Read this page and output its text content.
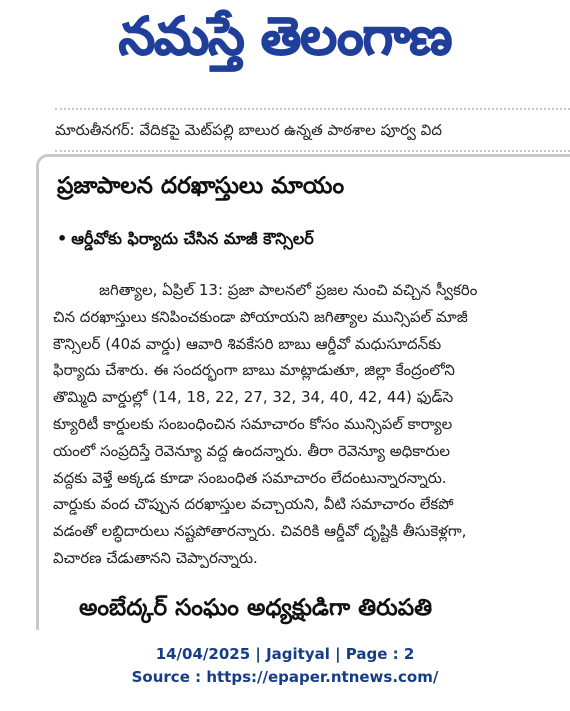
నమస్తే తెలంగాణ
మారుతీనగర్: వేదికపై మెట్‌పల్లి బాలుర ఉన్నత పాఠశాల పూర్వ విద
ప్రజాపాలన దరఖాస్తులు మాయం
• ఆర్డీవోకు ఫిర్యాదు చేసిన మాజీ కౌన్సిలర్
జగిత్యాల, ఏప్రిల్ 13: ప్రజా పాలనలో ప్రజల నుంచి వచ్చిన స్వీకరిం
చిన దరఖాస్తులు కనిపించకుండా పోయాయని జగిత్యాల మున్సిపల్ మాజీ
కౌన్సిలర్ (40వ వార్డు) ఆవారి శివకేసరి బాబు ఆర్డీవో మధుసూదన్‌కు
ఫిర్యాదు చేశారు. ఈ సందర్భంగా బాబు మాట్లాడుతూ, జిల్లా కేంద్రంలోని
తొమ్మిది వార్డుల్లో (14, 18, 22, 27, 32, 34, 40, 42, 44) ఫుడ్‌సె
క్యూరిటీ కార్డులకు సంబంధించిన సమాచారం కోసం మున్సిపల్ కార్యాల
యంలో సంప్రదిస్తే రెవెన్యూ వద్ద ఉందన్నారు. తీరా రెవెన్యూ అధికారుల
వద్దకు వెళ్తే అక్కడ కూడా సంబంధిత సమాచారం లేదంటున్నారన్నారు.
వార్డుకు వంద చొప్పున దరఖాస్తుల వచ్చాయని, వీటి సమాచారం లేకపో
వడంతో లబ్ధిదారులు నష్టపోతారన్నారు. చివరికి ఆర్డీవో దృష్టికి తీసుకెళ్లగా,
విచారణ చేడుతానని చెప్పారన్నారు.
అంబేద్కర్ సంఘం అధ్యక్షుడిగా తిరుపతి
14/04/2025 | Jagityal | Page : 2
Source : https://epaper.ntnews.com/
